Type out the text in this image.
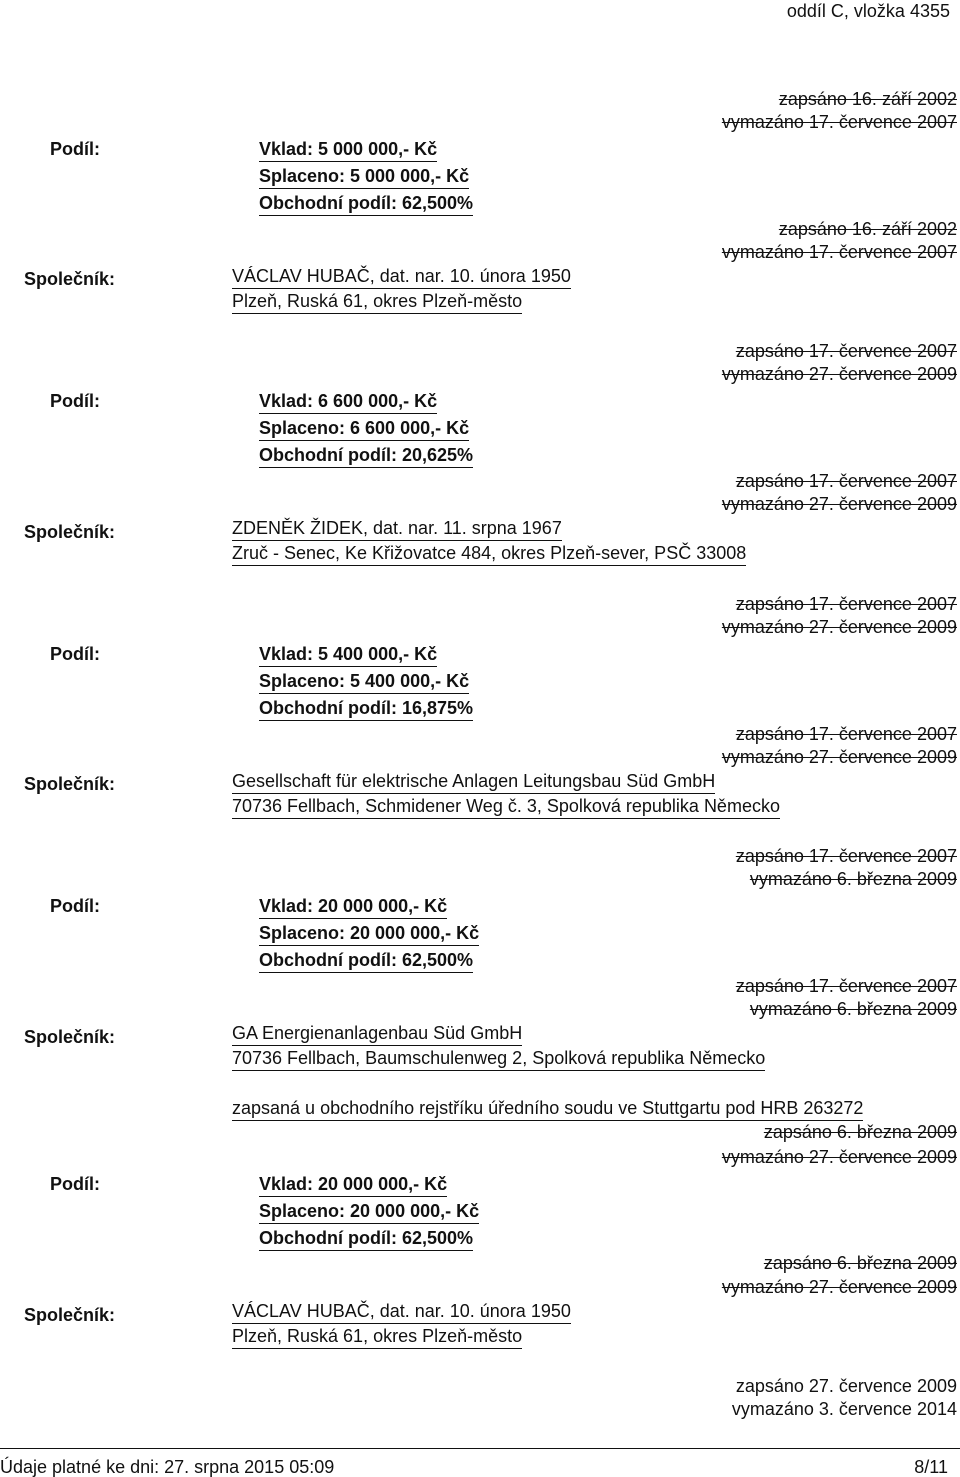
oddíl C, vložka 4355
zapsáno 16. září 2002
vymazáno 17. července 2007
Podíl:	Vklad: 5 000 000,- Kč
Splaceno: 5 000 000,- Kč
Obchodní podíl: 62,500%
zapsáno 16. září 2002
vymazáno 17. července 2007
Společník:	VÁCLAV HUBAČ, dat. nar. 10. února 1950
Plzeň, Ruská 61, okres Plzeň-město
zapsáno 17. července 2007
vymazáno 27. července 2009
Podíl:	Vklad: 6 600 000,- Kč
Splaceno: 6 600 000,- Kč
Obchodní podíl: 20,625%
zapsáno 17. července 2007
vymazáno 27. července 2009
Společník:	ZDENĚK ŽIDEK, dat. nar. 11. srpna 1967
Zruč - Senec, Ke Křižovatce 484, okres Plzeň-sever, PSČ 33008
zapsáno 17. července 2007
vymazáno 27. července 2009
Podíl:	Vklad: 5 400 000,- Kč
Splaceno: 5 400 000,- Kč
Obchodní podíl: 16,875%
zapsáno 17. července 2007
vymazáno 27. července 2009
Společník:	Gesellschaft für elektrische Anlagen Leitungsbau Süd GmbH
70736 Fellbach, Schmidener Weg č. 3, Spolková republika Německo
zapsáno 17. července 2007
vymazáno 6. března 2009
Podíl:	Vklad: 20 000 000,- Kč
Splaceno: 20 000 000,- Kč
Obchodní podíl: 62,500%
zapsáno 17. července 2007
vymazáno 6. března 2009
Společník:	GA Energienanlagenbau Süd GmbH
70736 Fellbach, Baumschulenweg 2, Spolková republika Německo
zapsaná u obchodního rejstříku úředního soudu ve Stuttgartu pod HRB 263272
zapsáno 6. března 2009
vymazáno 27. července 2009
Podíl:	Vklad: 20 000 000,- Kč
Splaceno: 20 000 000,- Kč
Obchodní podíl: 62,500%
zapsáno 6. března 2009
vymazáno 27. července 2009
Společník:	VÁCLAV HUBAČ, dat. nar. 10. února 1950
Plzeň, Ruská 61, okres Plzeň-město
zapsáno 27. července 2009
vymazáno 3. července 2014
Údaje platné ke dni: 27. srpna 2015 05:09	8/11
